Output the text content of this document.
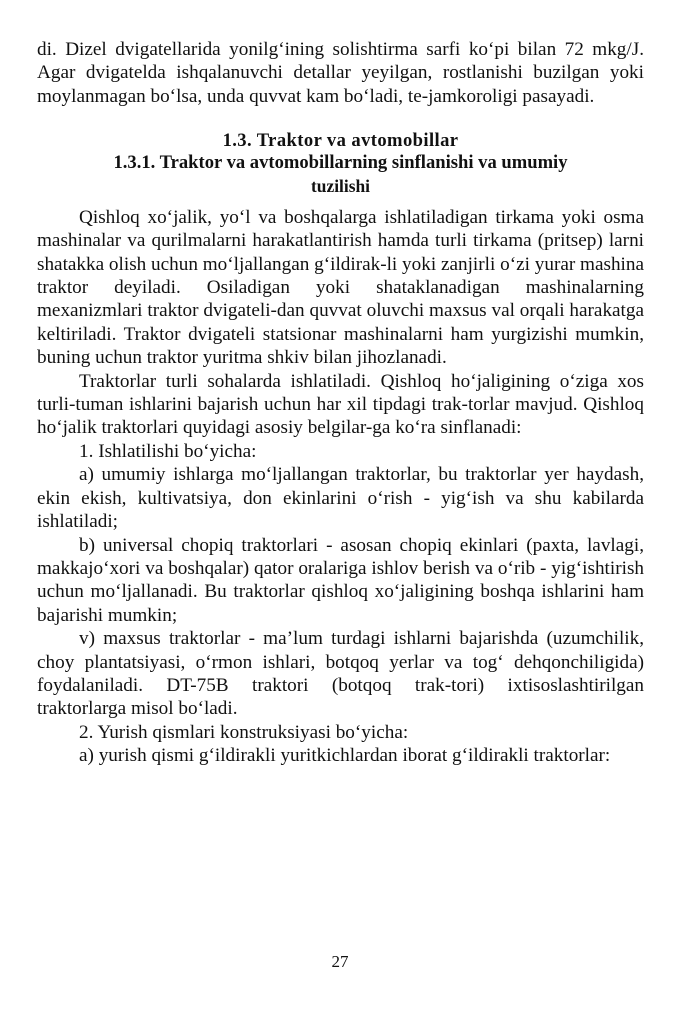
di. Dizel dvigatellarida yonilg‘ining solishtirma sarfi ko‘pi bilan 72 mkg/J. Agar dvigatelda ishqalanuvchi detallar yeyilgan, rostlanishi buzilgan yoki moylanmagan bo‘lsa, unda quvvat kam bo‘ladi, te-jamkorоligi pasayadi.

1.3. Traktor va avtomobillar

1.3.1. Traktor va avtomobillarning sinflanishi va umumiy

tuzilishi

Qishloq xo‘jalik, yo‘l va boshqalarga ishlatiladigan tirkama yoki osma mashinalar va qurilmalarni harakatlantirish hamda turli tirkama (pritsep) larni shatakka olish uchun mo‘ljallangan g‘ildirak-li yoki zanjirli o‘zi yurar mashina traktor deyiladi. Osiladigan yoki shataklanadigan mashinalarning mexanizmlari traktor dvigateli-dan quvvat oluvchi maxsus val orqali harakatga keltiriladi. Traktor dvigateli statsionar mashinalarni ham yurgizishi mumkin, buning uchun traktor yuritma shkiv bilan jihozlanadi.

Traktorlar turli sohalarda ishlatiladi. Qishloq ho‘jaligining o‘ziga xos turli-tuman ishlarini bajarish uchun har xil tipdagi trak-torlar mavjud. Qishloq ho‘jalik traktorlari quyidagi asosiy belgilar-ga ko‘ra sinflanadi:

1. Ishlatilishi bo‘yicha:

a) umumiy ishlarga mo‘ljallangan traktorlar, bu traktorlar yer haydash, ekin ekish, kultivatsiya, don ekinlarini o‘rish - yig‘ish va shu kabilarda ishlatiladi;

b) universal chopiq traktorlari - asosan chopiq ekinlari (paxta, lavlagi, makkajo‘xori va boshqalar) qator oralariga ishlov berish va o‘rib - yig‘ishtirish uchun mo‘ljallanadi. Bu traktorlar qishloq xo‘jaligining boshqa ishlarini ham bajarishi mumkin;

v) maxsus traktorlar - ma’lum turdagi ishlarni bajarishda (uzumchilik, choy plantatsiyasi, o‘rmon ishlari, botqoq yerlar va tog‘ dehqonchiligida) foydalaniladi. DT-75B traktori (botqoq trak-tori) ixtisoslashtirilgan traktorlarga misol bo‘ladi.

2. Yurish qismlari konstruksiyasi bo‘yicha:

a) yurish qismi g‘ildirakli yuritkichlardan iborat g‘ildirakli traktorlar:

27
